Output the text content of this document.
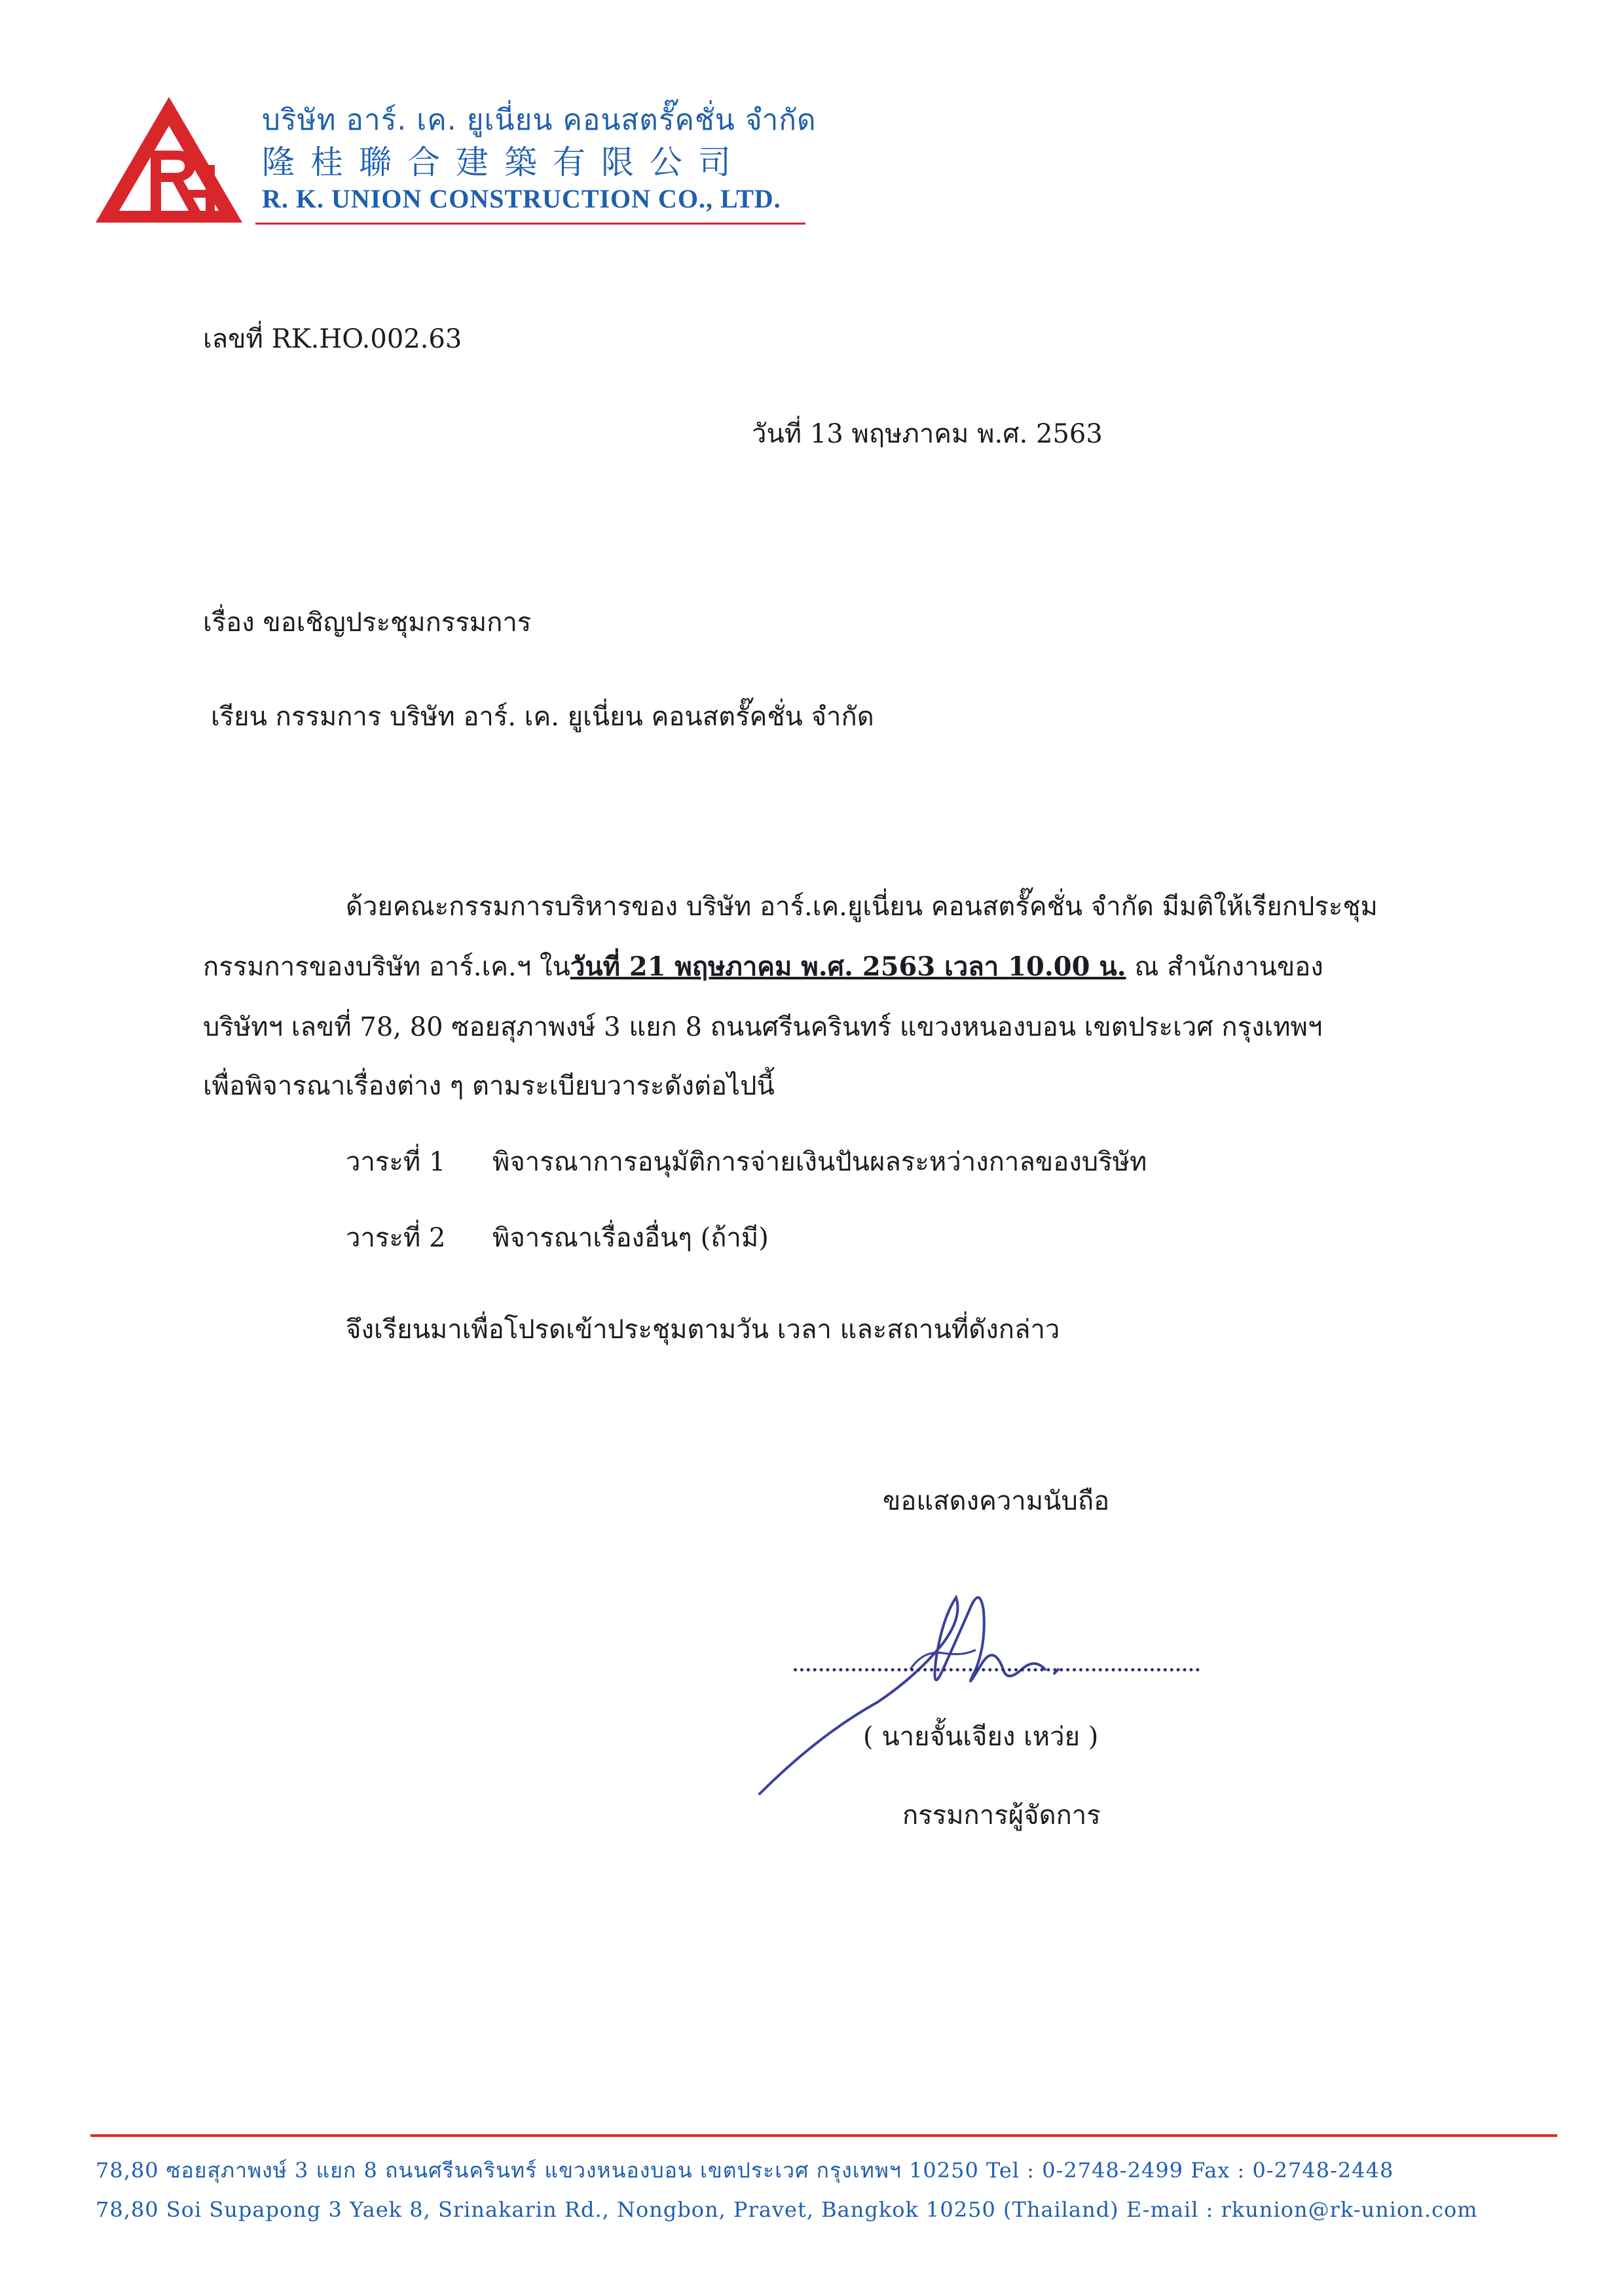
บริษัท อาร์. เค. ยูเนี่ยน คอนสตรั๊คชั่น จำกัด
隆桂聯合建築有限公司
R. K. UNION CONSTRUCTION CO., LTD.
เลขที่ RK.HO.002.63
วันที่ 13 พฤษภาคม พ.ศ. 2563
เรื่อง ขอเชิญประชุมกรรมการ
เรียน กรรมการ บริษัท อาร์. เค. ยูเนี่ยน คอนสตรั๊คชั่น จำกัด
ด้วยคณะกรรมการบริหารของ บริษัท อาร์.เค.ยูเนี่ยน คอนสตรั๊คชั่น จำกัด มีมติให้เรียกประชุม
กรรมการของบริษัท อาร์.เค.ฯ ในวันที่ 21 พฤษภาคม พ.ศ. 2563 เวลา 10.00 น. ณ สำนักงานของ
บริษัทฯ เลขที่ 78, 80 ซอยสุภาพงษ์ 3 แยก 8 ถนนศรีนครินทร์ แขวงหนองบอน เขตประเวศ กรุงเทพฯ
เพื่อพิจารณาเรื่องต่าง ๆ ตามระเบียบวาระดังต่อไปนี้
วาระที่ 1 พิจารณาการอนุมัติการจ่ายเงินปันผลระหว่างกาลของบริษัท
วาระที่ 2 พิจารณาเรื่องอื่นๆ (ถ้ามี)
จึงเรียนมาเพื่อโปรดเข้าประชุมตามวัน เวลา และสถานที่ดังกล่าว
ขอแสดงความนับถือ
( นายจั้นเจียง เหว่ย )
กรรมการผู้จัดการ
78,80 ซอยสุภาพงษ์ 3 แยก 8 ถนนศรีนครินทร์ แขวงหนองบอน เขตประเวศ กรุงเทพฯ 10250 Tel : 0-2748-2499 Fax : 0-2748-2448
78,80 Soi Supapong 3 Yaek 8, Srinakarin Rd., Nongbon, Pravet, Bangkok 10250 (Thailand) E-mail : rkunion@rk-union.com
